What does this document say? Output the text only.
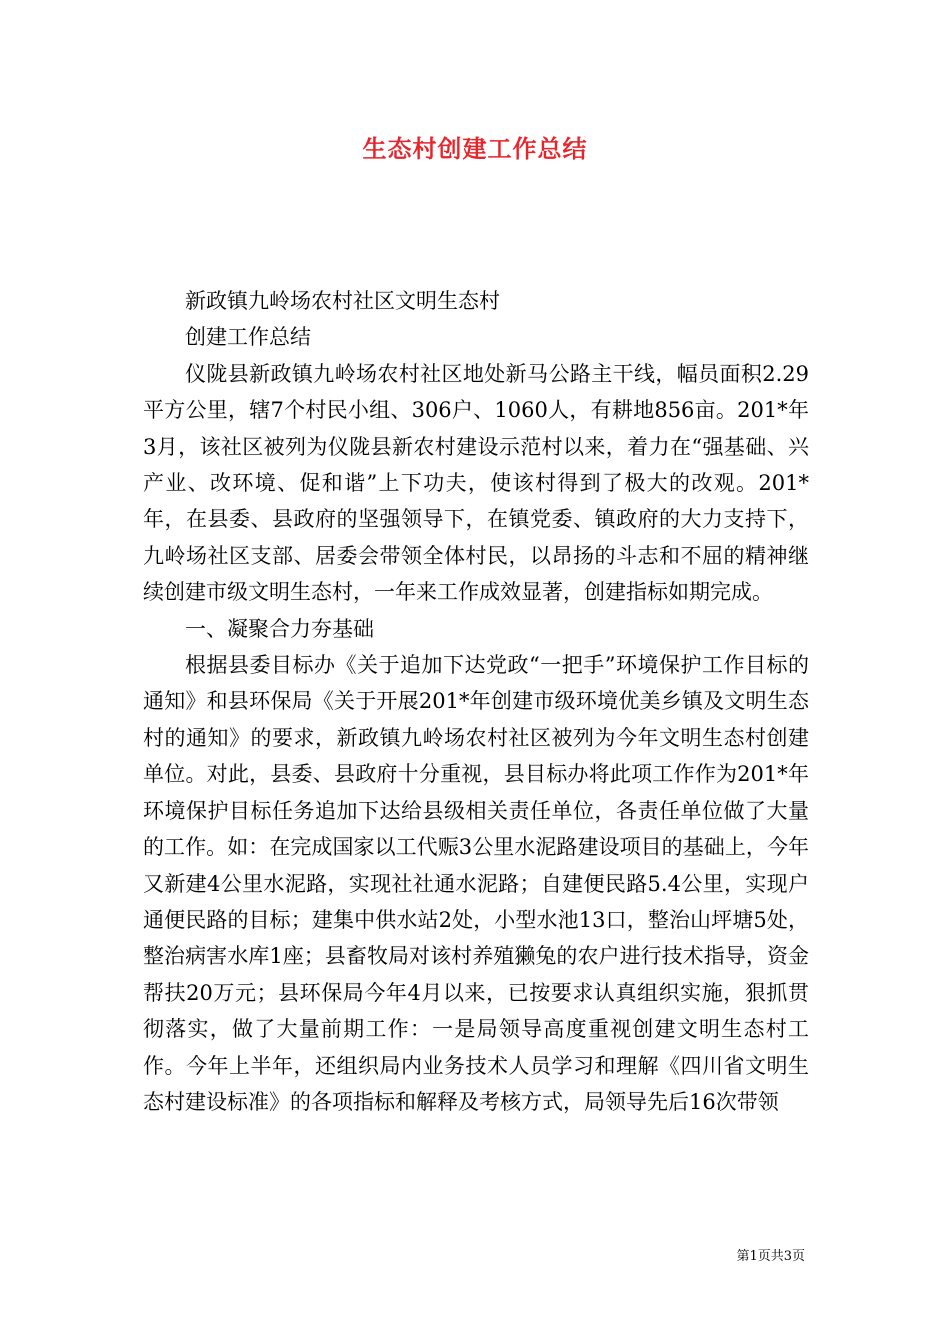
生态村创建工作总结

新政镇九岭场农村社区文明生态村

创建工作总结

仪陇县新政镇九岭场农村社区地处新马公路主干线，幅员面积2.29平方公里，辖7个村民小组、306户、1060人，有耕地856亩。201*年3月，该社区被列为仪陇县新农村建设示范村以来，着力在“强基础、兴产业、改环境、促和谐”上下功夫，使该村得到了极大的改观。201*年，在县委、县政府的坚强领导下，在镇党委、镇政府的大力支持下，九岭场社区支部、居委会带领全体村民，以昂扬的斗志和不屈的精神继续创建市级文明生态村，一年来工作成效显著，创建指标如期完成。

一、凝聚合力夯基础

根据县委目标办《关于追加下达党政“一把手”环境保护工作目标的通知》和县环保局《关于开展201*年创建市级环境优美乡镇及文明生态村的通知》的要求，新政镇九岭场农村社区被列为今年文明生态村创建单位。对此，县委、县政府十分重视，县目标办将此项工作作为201*年环境保护目标任务追加下达给县级相关责任单位，各责任单位做了大量的工作。如：在完成国家以工代赈3公里水泥路建设项目的基础上，今年又新建4公里水泥路，实现社社通水泥路；自建便民路5.4公里，实现户通便民路的目标；建集中供水站2处，小型水池13口，整治山坪塘5处，整治病害水库1座；县畜牧局对该村养殖獭兔的农户进行技术指导，资金帮扶20万元；县环保局今年4月以来，已按要求认真组织实施，狠抓贯彻落实，做了大量前期工作：一是局领导高度重视创建文明生态村工作。今年上半年，还组织局内业务技术人员学习和理解《四川省文明生态村建设标准》的各项指标和解释及考核方式，局领导先后16次带领

第1页共3页
